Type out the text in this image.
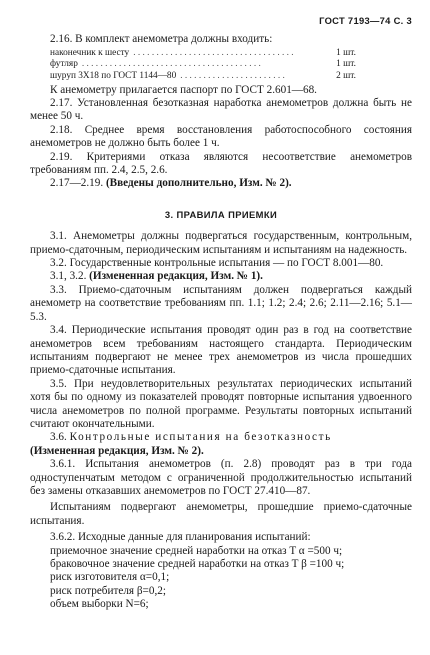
ГОСТ 7193—74 С. 3

2.16. В комплект анемометра должны входить:

наконечник к шесту . . . . . . . . . . . . . . . . . . . . . . . . . . . . . . . . . . .	1 шт.
футляр . . . . . . . . . . . . . . . . . . . . . . . . . . . . . . . . . . . . . . .	1 шт.
шуруп 3Х18 по ГОСТ 1144—80 . . . . . . . . . . . . . . . . . . . . . . .	2 шт.

К анемометру прилагается паспорт по ГОСТ 2.601—68.

2.17. Установленная безотказная наработка анемометров должна быть не менее 50 ч.

2.18. Среднее время восстановления работоспособного состояния анемометров не должно быть более 1 ч.

2.19. Критериями отказа являются несоответствие анемометров требованиям пп. 2.4, 2.5, 2.6.

2.17—2.19. (Введены дополнительно, Изм. № 2).

3. ПРАВИЛА ПРИЕМКИ

3.1. Анемометры должны подвергаться государственным, контрольным, приемо-сдаточным, периодическим испытаниям и испытаниям на надежность.

3.2. Государственные контрольные испытания — по ГОСТ 8.001—80.

3.1, 3.2. (Измененная редакция, Изм. № 1).

3.3. Приемо-сдаточным испытаниям должен подвергаться каждый анемометр на соответствие требованиям пп. 1.1; 1.2; 2.4; 2.6; 2.11—2.16; 5.1—5.3.

3.4. Периодические испытания проводят один раз в год на соответствие анемометров всем требованиям настоящего стандарта. Периодическим испытаниям подвергают не менее трех анемометров из числа прошедших приемо-сдаточные испытания.

3.5. При неудовлетворительных результатах периодических испытаний хотя бы по одному из показателей проводят повторные испытания удвоенного числа анемометров по полной программе. Результаты повторных испытаний считают окончательными.

3.6. Контрольные испытания на безотказность

(Измененная редакция, Изм. № 2).

3.6.1. Испытания анемометров (п. 2.8) проводят раз в три года одноступенчатым методом с ограниченной продолжительностью испытаний без замены отказавших анемометров по ГОСТ 27.410—87.

Испытаниям подвергают анемометры, прошедшие приемо-сдаточные испытания.

3.6.2. Исходные данные для планирования испытаний:

приемочное значение средней наработки на отказ T α =500 ч;

браковочное значение средней наработки на отказ T β =100 ч;

риск изготовителя α=0,1;

риск потребителя β=0,2;

объем выборки N=6;
